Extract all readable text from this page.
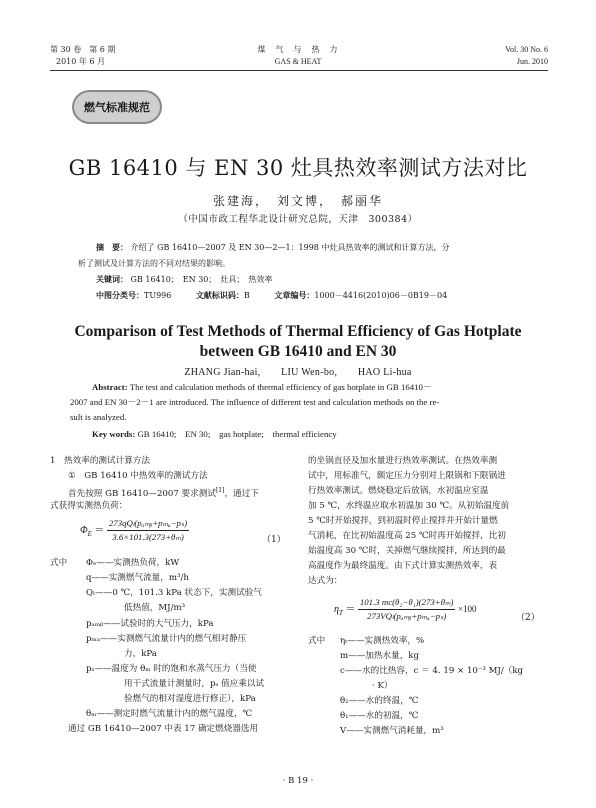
第 30 卷　第 6 期
2010 年 6 月
煤　气　与　热　力
GAS & HEAT
Vol. 30 No. 6
Jun. 2010
燃气标准规范
GB 16410 与 EN 30 灶具热效率测试方法对比
张建海，　刘文博，　郝丽华
（中国市政工程华北设计研究总院，天津　300384）
摘　要： 介绍了 GB 16410—2007 及 EN 30—2—1：1998 中灶具热效率的测试和计算方法，分
析了测试及计算方法的不同对结果的影响。
关键词： GB 16410；　EN 30；　灶具；　热效率
中图分类号：TU996	文献标识码：B	文章编号：1000－4416(2010)06－0B19－04
Comparison of Test Methods of Thermal Efficiency of Gas Hotplate
between GB 16410 and EN 30
ZHANG Jian-hai,　　LIU Wen-bo,　　HAO Li-hua
Abstract: The test and calculation methods of thermal efficiency of gas hotplate in GB 16410－
2007 and EN 30－2－1 are introduced. The influence of different test and calculation methods on the re-
sult is analyzed.
Key words: GB 16410;　EN 30;　gas hotplate;　thermal efficiency
1　热效率的测试计算方法
①　GB 16410 中热效率的测试方法
首先按照 GB 16410—2007 要求测试[1]，通过下
式获得实测热负荷：
$\Phi_E = \frac{\text{273qQₗ(pₐₘᵦ+pₘₐ−pₛ)}}{\text{3.6×101.3(273+θₘ)}}$	（1）
式中 Φₑ——实测热负荷，kW
q——实测燃气流量，m³/h
Qₗ——0 ℃，101.3 kPa 状态下，实测试验气
低热值，MJ/m³
pₐₘᵦ——试验时的大气压力，kPa
pₘₐ——实测燃气流量计内的燃气相对静压
力，kPa
pₛ——温度为 θₘ 时的饱和水蒸气压力（当使
用干式流量计测量时，pₛ 值应乘以试
验燃气的相对湿度进行修正），kPa
θₘ——测定时燃气流量计内的燃气温度，℃
通过 GB 16410—2007 中表 17 确定燃烧器选用
的坐锅直径及加水量进行热效率测试。在热效率测
试中，用标准气，额定压力分别对上限锅和下限锅进
行热效率测试。燃烧稳定后放锅，水初温应室温
加 5 ℃，水终温应取水初温加 30 ℃。从初始温度前
5 ℃时开始搅拌，到初温时停止搅拌并开始计量燃
气消耗，在比初始温度高 25 ℃时再开始搅拌，比初
始温度高 30 ℃时，关掉燃气继续搅拌，所达到的最
高温度作为最终温度。由下式计算实测热效率，表
达式为：
$\eta_T = \frac{\text{101.3 mc(θ₂−θ₁)(273+θₘ)}}{\text{273VQₗ(pₐₘᵦ+pₘₐ−pₛ)}} \times 100$
（2）
式中 ηₜ——实测热效率，%
m——加热水量，kg
c——水的比热容，c ＝ 4. 19 × 10⁻³ MJ/（kg
· K）
θ₂——水的终温，℃
θ₁——水的初温，℃
V——实测燃气消耗量，m³
· B 19 ·
